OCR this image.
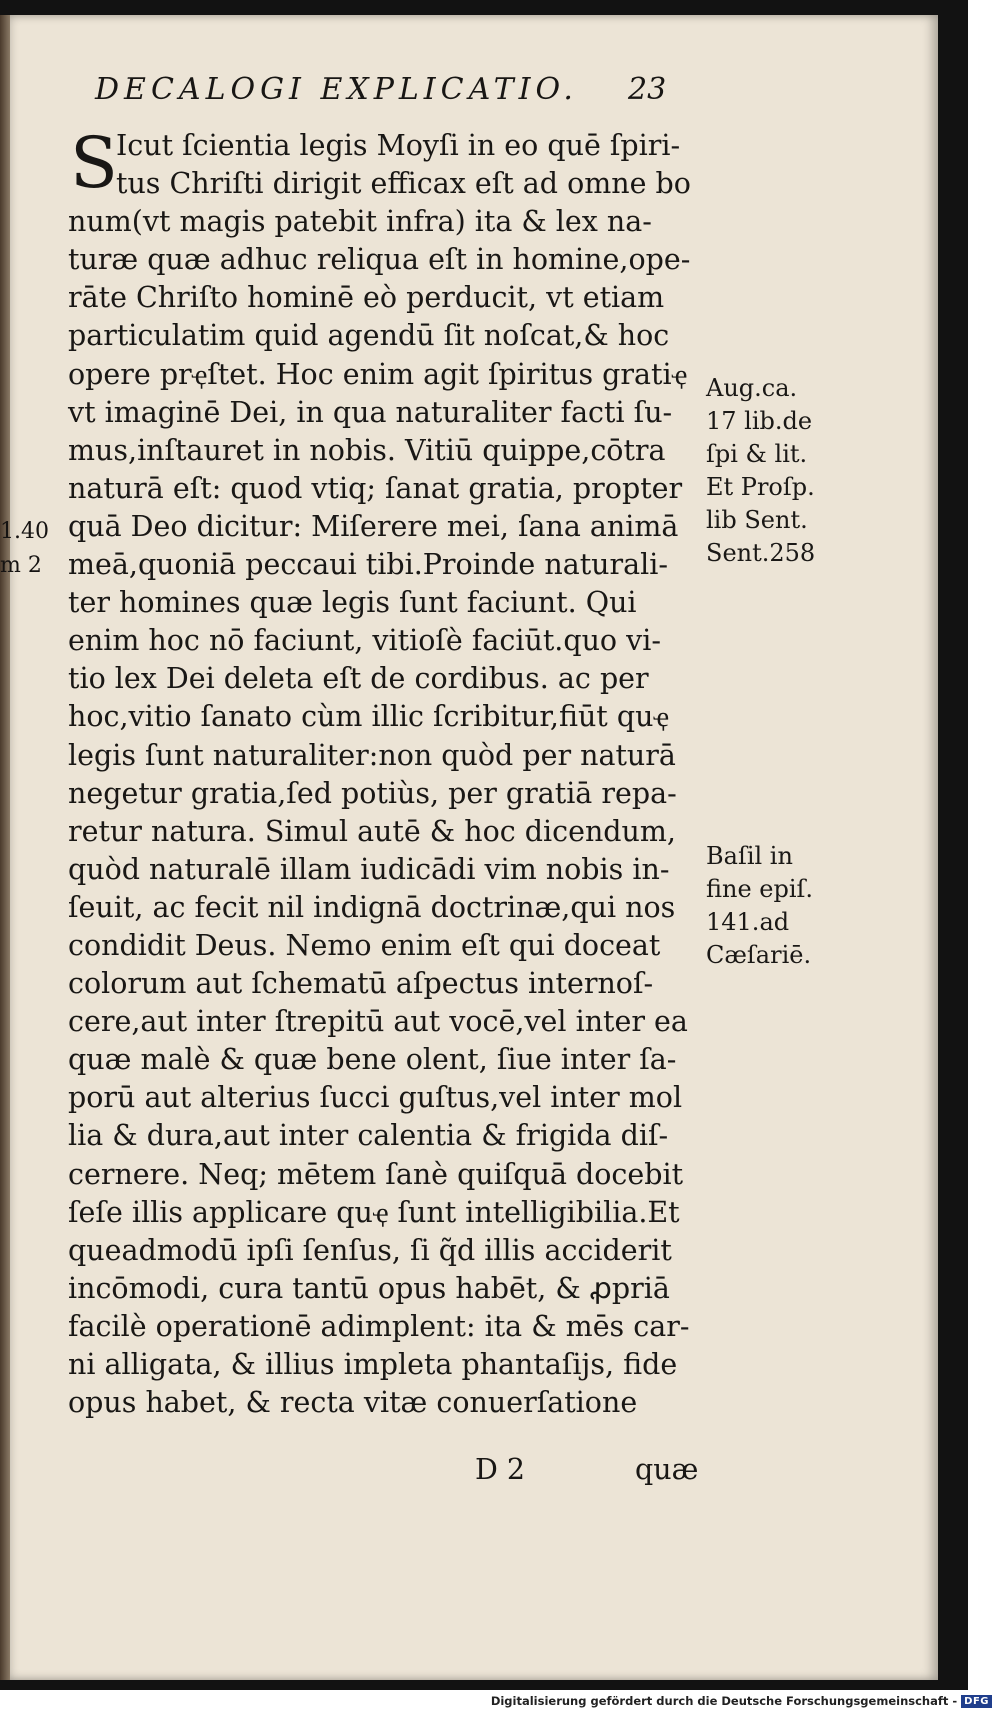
1.40
m 2
DECALOGI EXPLICATIO.	23
S
Icut ſcientia legis Moyſi in eo quē ſpiri-
tus Chriſti dirigit efficax eſt ad omne bo
num(vt magis patebit infra) ita & lex na-
turæ quæ adhuc reliqua eſt in homine,ope-
rāte Chriſto hominē eò perducit, vt etiam
particulatim quid agendū ſit noſcat,& hoc
opere prҿſtet. Hoc enim agit ſpiritus gratiҿ
vt imaginē Dei, in qua naturaliter facti ſu-
mus,inſtauret in nobis. Vitiū quippe,cōtra
naturā eſt: quod vtiq; ſanat gratia, propter
quā Deo dicitur: Miſerere mei, ſana animā
meā,quoniā peccaui tibi.Proinde naturali-
ter homines quæ legis ſunt faciunt. Qui
enim hoc nō faciunt, vitioſè faciūt.quo vi-
tio lex Dei deleta eſt de cordibus. ac per
hoc,vitio ſanato cùm illic ſcribitur,fiūt quҿ
legis ſunt naturaliter:non quòd per naturā
negetur gratia,ſed potiùs, per gratiā repa-
retur natura. Simul autē & hoc dicendum,
quòd naturalē illam iudicādi vim nobis in-
ſeuit, ac fecit nil indignā doctrinæ,qui nos
condidit Deus. Nemo enim eſt qui doceat
colorum aut ſchematū aſpectus internoſ-
cere,aut inter ſtrepitū aut vocē,vel inter ea
quæ malè & quæ bene olent, ſiue inter ſa-
porū aut alterius ſucci guſtus,vel inter mol
lia & dura,aut inter calentia & frigida diſ-
cernere. Neq; mētem ſanè quiſquā docebit
ſeſe illis applicare quҿ ſunt intelligibilia.Et
queadmodū ipſi ſenſus, ſi q̃d illis acciderit
incōmodi, cura tantū opus habēt, & ꝓpriā
facilè operationē adimplent: ita & mēs car-
ni alligata, & illius impleta phantaſijs, fide
opus habet, & recta vitæ conuerſatione
Aug.ca.
17 lib.de
ſpi & lit.
Et Proſp.
lib Sent.
Sent.258
Baſil in
fine epiſ.
141.ad
Cæſariē.
D 2	quæ
Digitalisierung gefördert durch die Deutsche Forschungsgemeinschaft - DFG
